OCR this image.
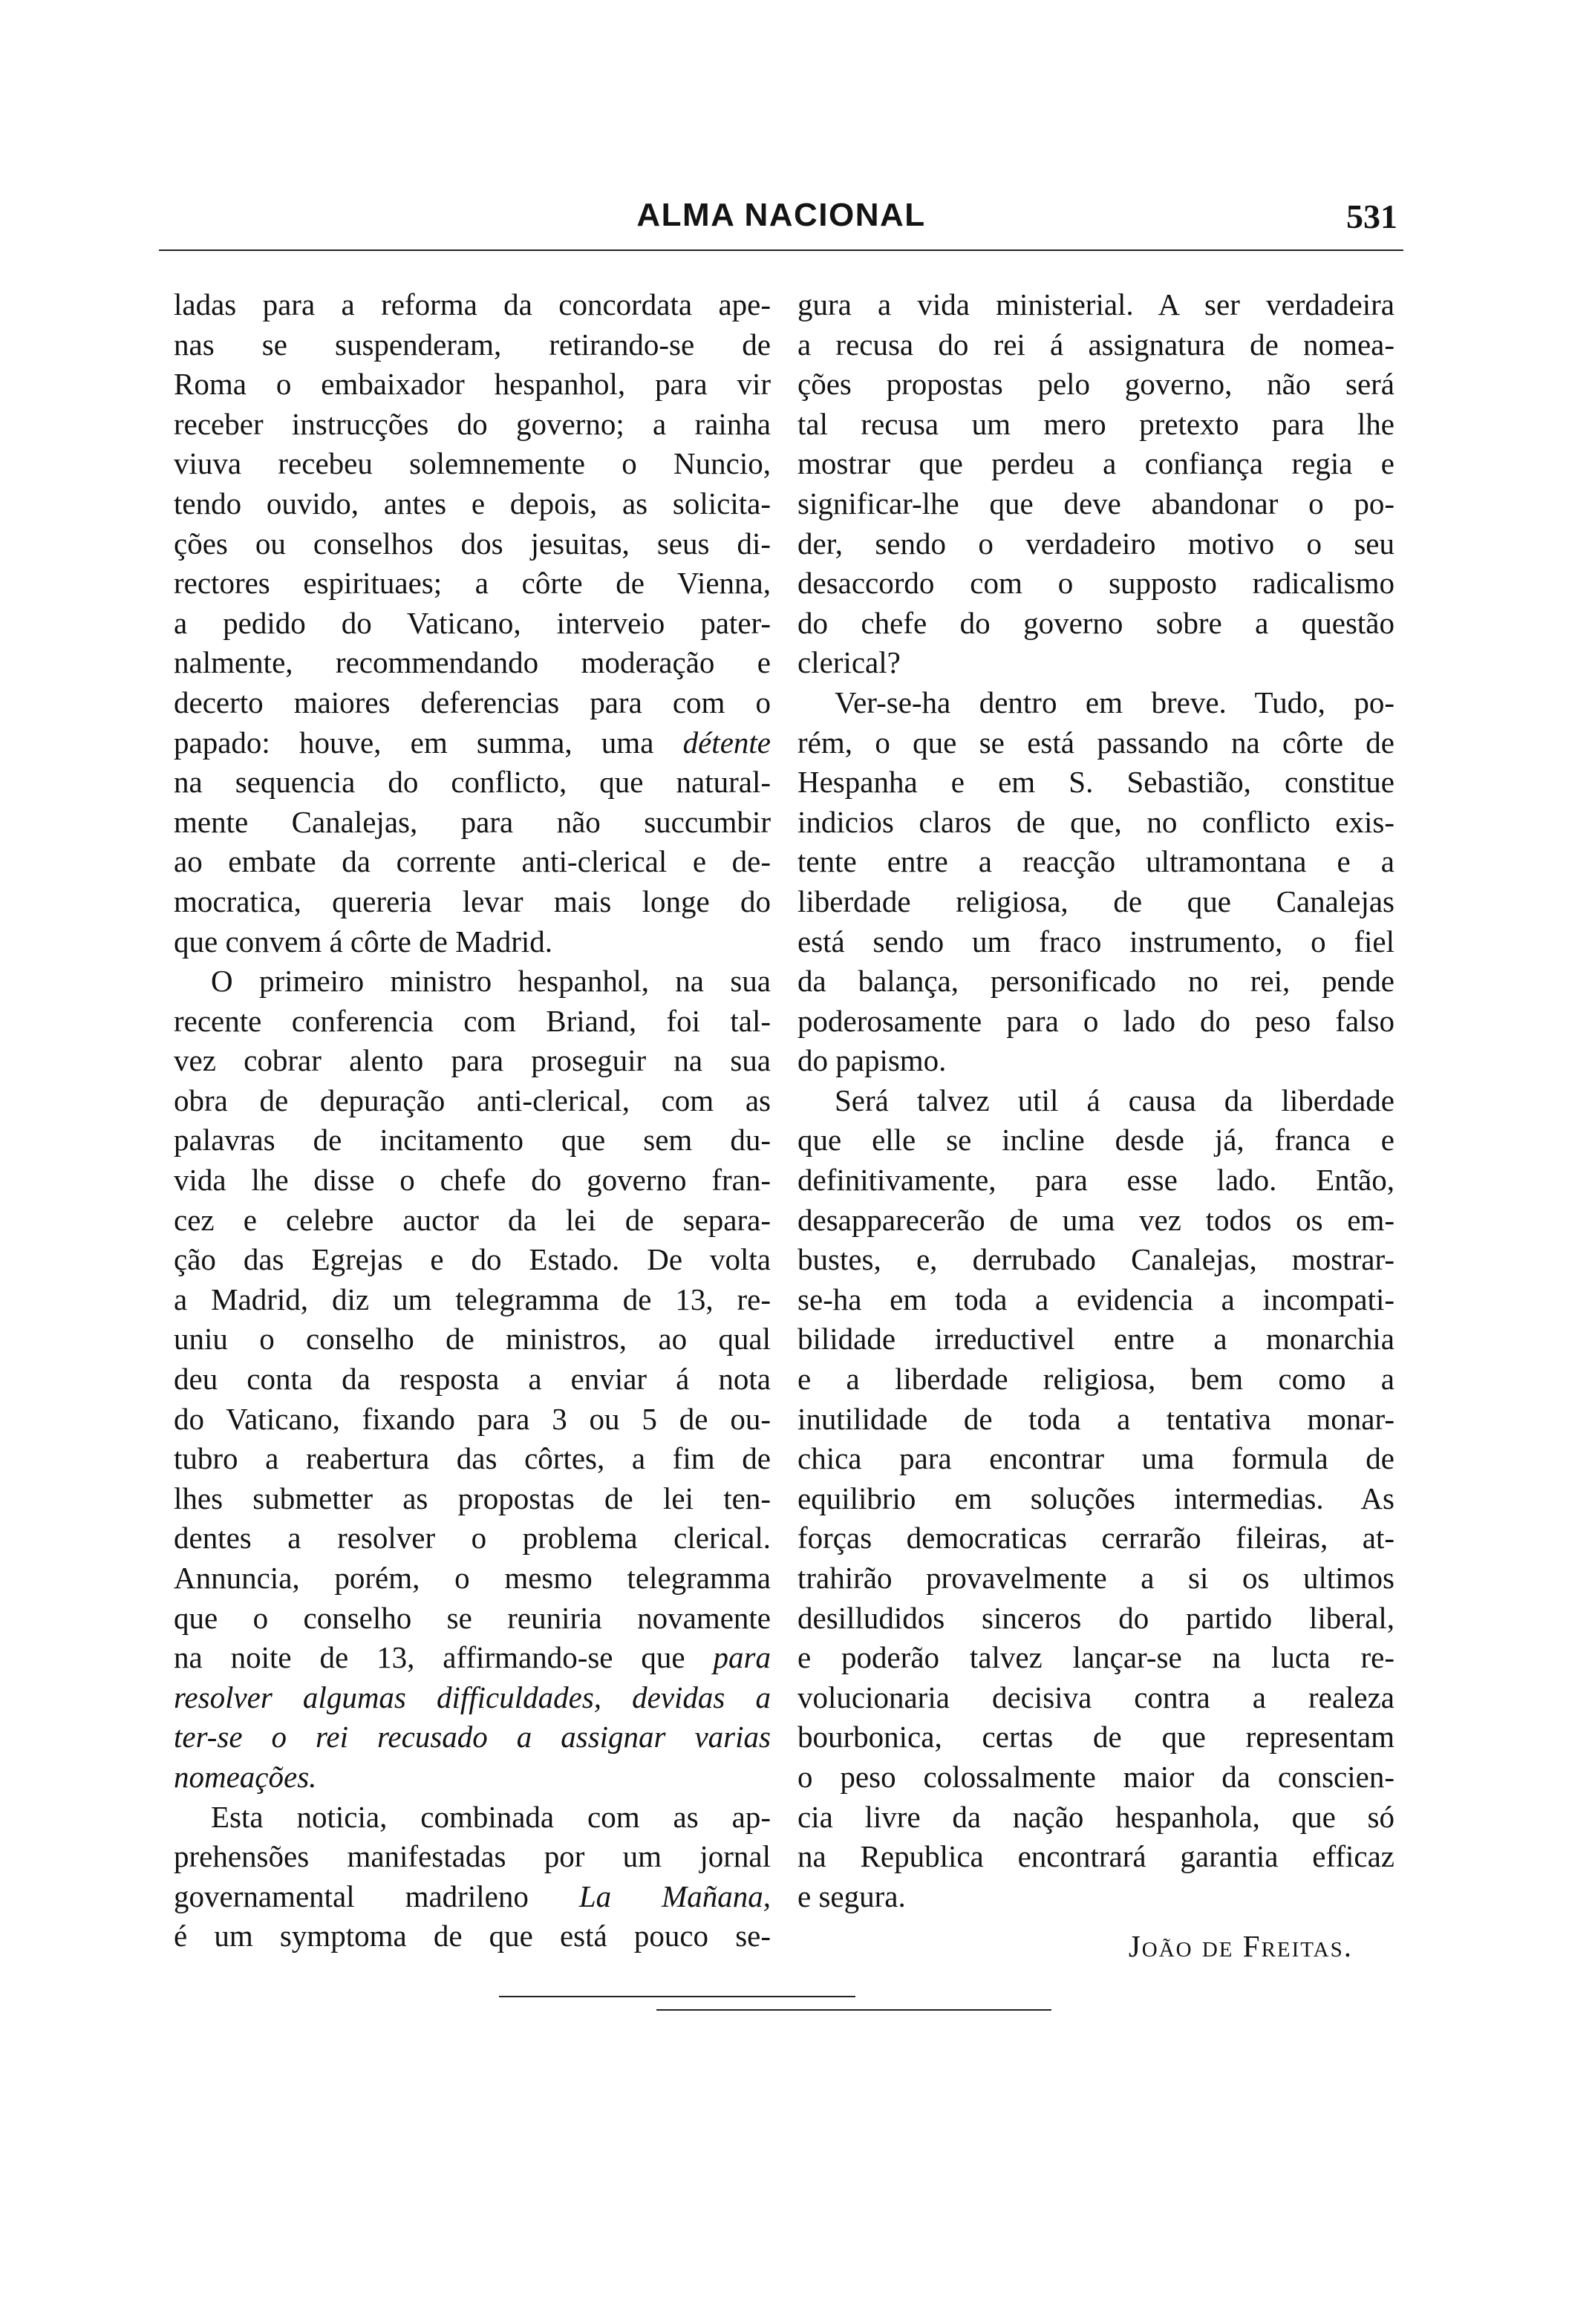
ALMA NACIONAL	531

ladas para a reforma da concordata ape-
nas se suspenderam, retirando-se de
Roma o embaixador hespanhol, para vir
receber instrucções do governo; a rainha
viuva recebeu solemnemente o Nuncio,
tendo ouvido, antes e depois, as solicita-
ções ou conselhos dos jesuitas, seus di-
rectores espirituaes; a côrte de Vienna,
a pedido do Vaticano, interveio pater-
nalmente, recommendando moderação e
decerto maiores deferencias para com o
papado: houve, em summa, uma détente
na sequencia do conflicto, que natural-
mente Canalejas, para não succumbir
ao embate da corrente anti-clerical e de-
mocratica, quereria levar mais longe do
que convem á côrte de Madrid.

O primeiro ministro hespanhol, na sua
recente conferencia com Briand, foi tal-
vez cobrar alento para proseguir na sua
obra de depuração anti-clerical, com as
palavras de incitamento que sem du-
vida lhe disse o chefe do governo fran-
cez e celebre auctor da lei de separa-
ção das Egrejas e do Estado. De volta
a Madrid, diz um telegramma de 13, re-
uniu o conselho de ministros, ao qual
deu conta da resposta a enviar á nota
do Vaticano, fixando para 3 ou 5 de ou-
tubro a reabertura das côrtes, a fim de
lhes submetter as propostas de lei ten-
dentes a resolver o problema clerical.
Annuncia, porém, o mesmo telegramma
que o conselho se reuniria novamente
na noite de 13, affirmando-se que para
resolver algumas difficuldades, devidas a
ter-se o rei recusado a assignar varias
nomeações.

Esta noticia, combinada com as ap-
prehensões manifestadas por um jornal
governamental madrileno La Mañana,
é um symptoma de que está pouco se-

gura a vida ministerial. A ser verdadeira
a recusa do rei á assignatura de nomea-
ções propostas pelo governo, não será
tal recusa um mero pretexto para lhe
mostrar que perdeu a confiança regia e
significar-lhe que deve abandonar o po-
der, sendo o verdadeiro motivo o seu
desaccordo com o supposto radicalismo
do chefe do governo sobre a questão
clerical?

Ver-se-ha dentro em breve. Tudo, po-
rém, o que se está passando na côrte de
Hespanha e em S. Sebastião, constitue
indicios claros de que, no conflicto exis-
tente entre a reacção ultramontana e a
liberdade religiosa, de que Canalejas
está sendo um fraco instrumento, o fiel
da balança, personificado no rei, pende
poderosamente para o lado do peso falso
do papismo.

Será talvez util á causa da liberdade
que elle se incline desde já, franca e
definitivamente, para esse lado. Então,
desapparecerão de uma vez todos os em-
bustes, e, derrubado Canalejas, mostrar-
se-ha em toda a evidencia a incompati-
bilidade irreductivel entre a monarchia
e a liberdade religiosa, bem como a
inutilidade de toda a tentativa monar-
chica para encontrar uma formula de
equilibrio em soluções intermedias. As
forças democraticas cerrarão fileiras, at-
trahirão provavelmente a si os ultimos
desilludidos sinceros do partido liberal,
e poderão talvez lançar-se na lucta re-
volucionaria decisiva contra a realeza
bourbonica, certas de que representam
o peso colossalmente maior da conscien-
cia livre da nação hespanhola, que só
na Republica encontrará garantia efficaz
e segura.

João de Freitas.
